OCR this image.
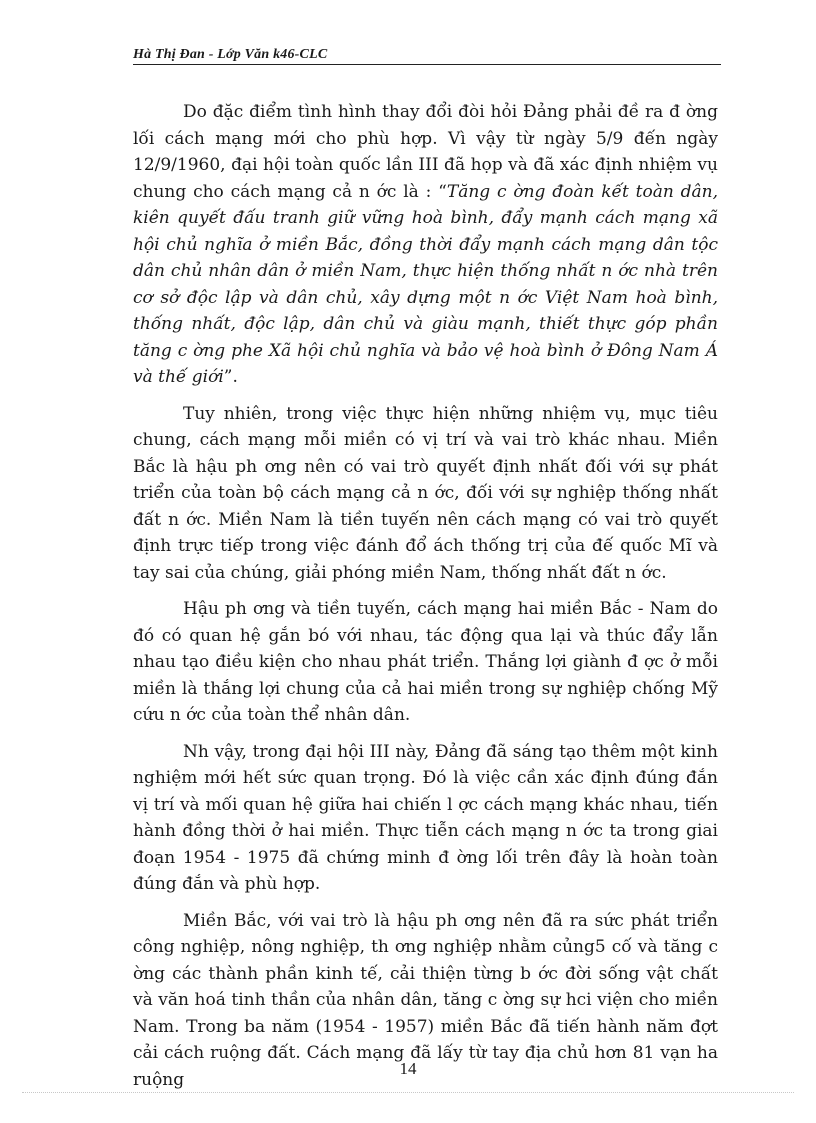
Hà Thị Đan - Lớp Văn k46-CLC

Do đặc điểm tình hình thay đổi đòi hỏi Đảng phải đề ra đ ờng lối cách mạng mới cho phù hợp. Vì vậy từ ngày 5/9 đến ngày 12/9/1960, đại hội toàn quốc lần III đã họp và đã xác định nhiệm vụ chung cho cách mạng cả n ớc là : “Tăng c ờng đoàn kết toàn dân, kiên quyết đấu tranh giữ vững hoà bình, đẩy mạnh cách mạng xã hội chủ nghĩa ở miền Bắc, đồng thời đẩy mạnh cách mạng dân tộc dân chủ nhân dân ở miền Nam, thực hiện thống nhất n ớc nhà trên cơ sở độc lập và dân chủ, xây dựng một n ớc Việt Nam hoà bình, thống nhất, độc lập, dân chủ và giàu mạnh, thiết thực góp phần tăng c ờng phe Xã hội chủ nghĩa và bảo vệ hoà bình ở Đông Nam Á và thế giới”.

Tuy nhiên, trong việc thực hiện những nhiệm vụ, mục tiêu chung, cách mạng mỗi miền có vị trí và vai trò khác nhau. Miền Bắc là hậu ph ơng nên có vai trò quyết định nhất đối với sự phát triển của toàn bộ cách mạng cả n ớc, đối với sự nghiệp thống nhất đất n ớc. Miền Nam là tiền tuyến nên cách mạng có vai trò quyết định trực tiếp trong việc đánh đổ ách thống trị của đế quốc Mĩ và tay sai của chúng, giải phóng miền Nam, thống nhất đất n ớc.

Hậu ph ơng và tiền tuyến, cách mạng hai miền Bắc - Nam do đó có quan hệ gắn bó với nhau, tác động qua lại và thúc đẩy lẫn nhau tạo điều kiện cho nhau phát triển. Thắng lợi giành đ ợc ở mỗi miền là thắng lợi chung của cả hai miền trong sự nghiệp chống Mỹ cứu n ớc của toàn thể nhân dân.

Nh vậy, trong đại hội III này, Đảng đã sáng tạo thêm một kinh nghiệm mới hết sức quan trọng. Đó là việc cần xác định đúng đắn vị trí và mối quan hệ giữa hai chiến l ợc cách mạng khác nhau, tiến hành đồng thời ở hai miền. Thực tiễn cách mạng n ớc ta trong giai đoạn 1954 - 1975 đã chứng minh đ ờng lối trên đây là hoàn toàn đúng đắn và phù hợp.

Miền Bắc, với vai trò là hậu ph ơng nên đã ra sức phát triển công nghiệp, nông nghiệp, th ơng nghiệp nhằm củng5 cố và tăng c ờng các thành phần kinh tế, cải thiện từng b ớc đời sống vật chất và văn hoá tinh thần của nhân dân, tăng c ờng sự hci viện cho miền Nam. Trong ba năm (1954 - 1957) miền Bắc đã tiến hành năm đợt cải cách ruộng đất. Cách mạng đã lấy từ tay địa chủ hơn 81 vạn ha ruộng

14
